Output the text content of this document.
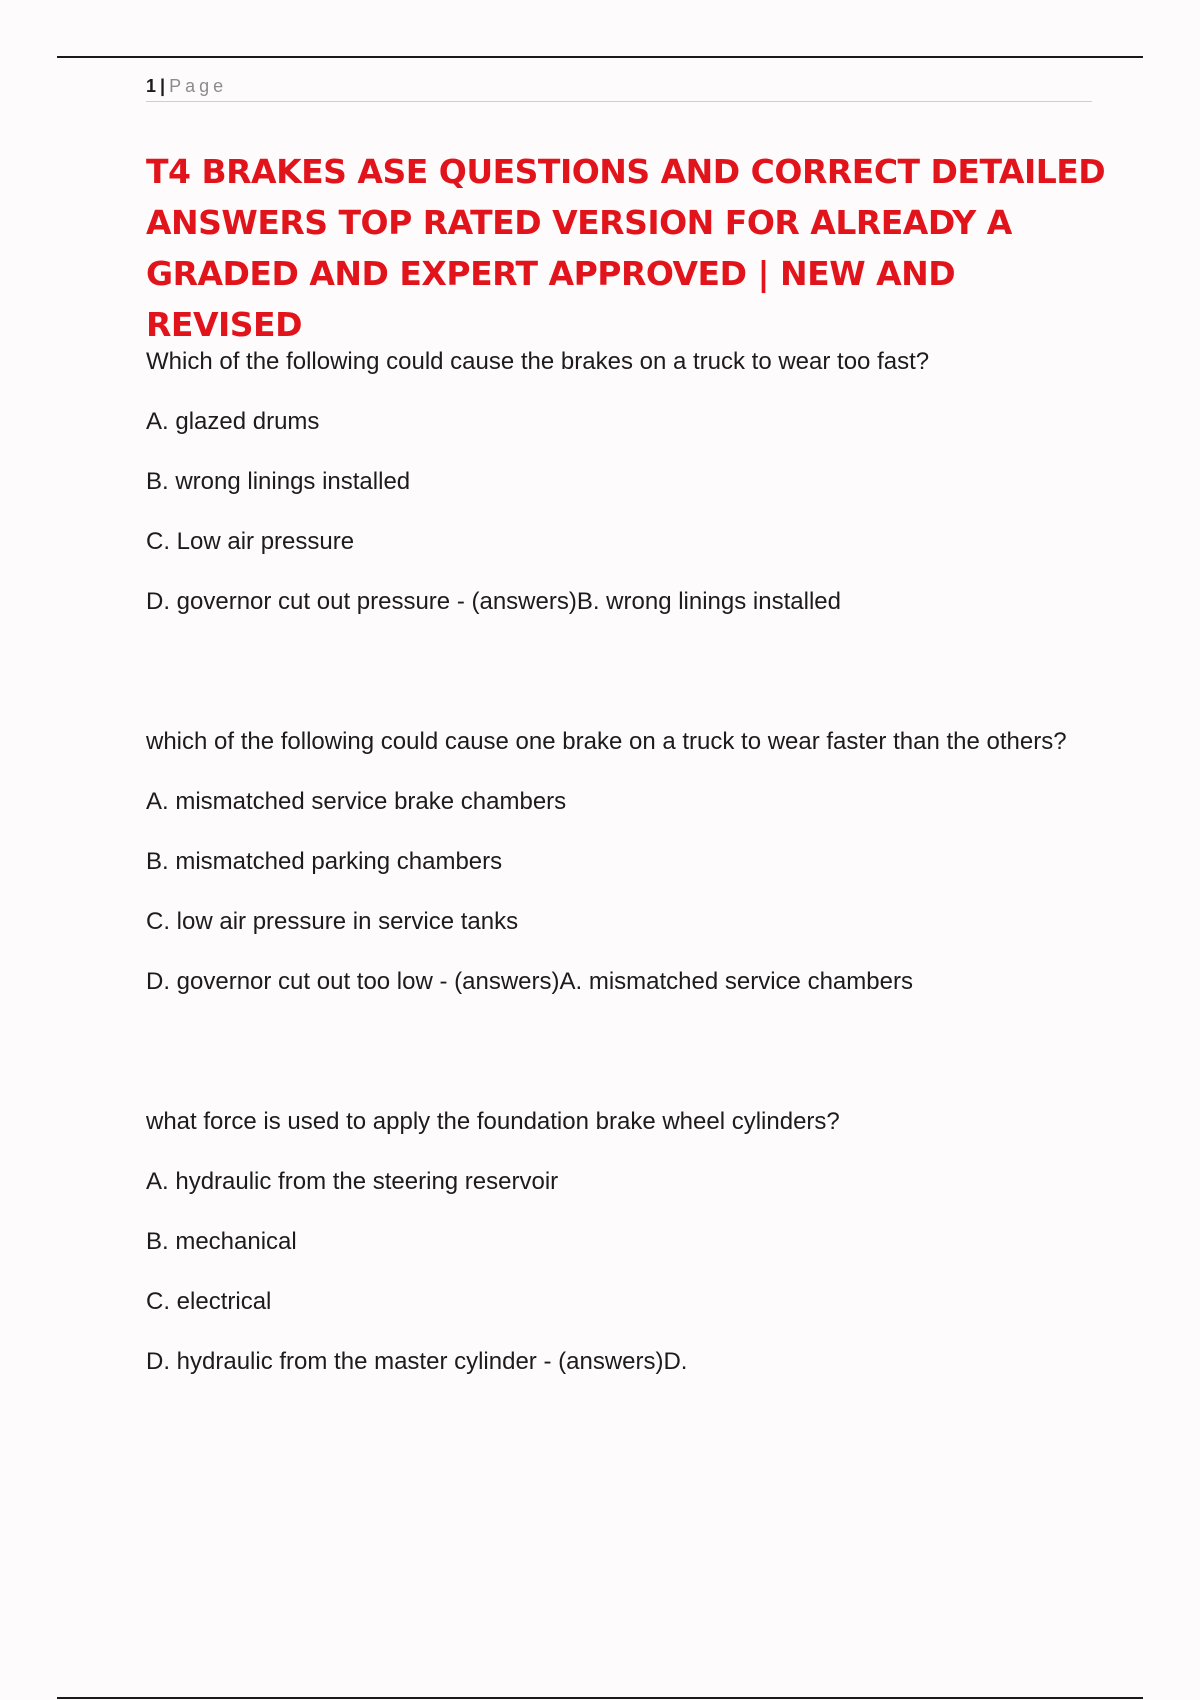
1 | Page
T4 BRAKES ASE QUESTIONS AND CORRECT DETAILED ANSWERS TOP RATED VERSION FOR ALREADY A GRADED AND EXPERT APPROVED | NEW AND REVISED

Which of the following could cause the brakes on a truck to wear too fast?

A. glazed drums

B. wrong linings installed

C. Low air pressure

D. governor cut out pressure - (answers)B. wrong linings installed

which of the following could cause one brake on a truck to wear faster than the others?

A. mismatched service brake chambers

B. mismatched parking chambers

C. low air pressure in service tanks

D. governor cut out too low - (answers)A. mismatched service chambers

what force is used to apply the foundation brake wheel cylinders?

A. hydraulic from the steering reservoir

B. mechanical

C. electrical

D. hydraulic from the master cylinder - (answers)D.
